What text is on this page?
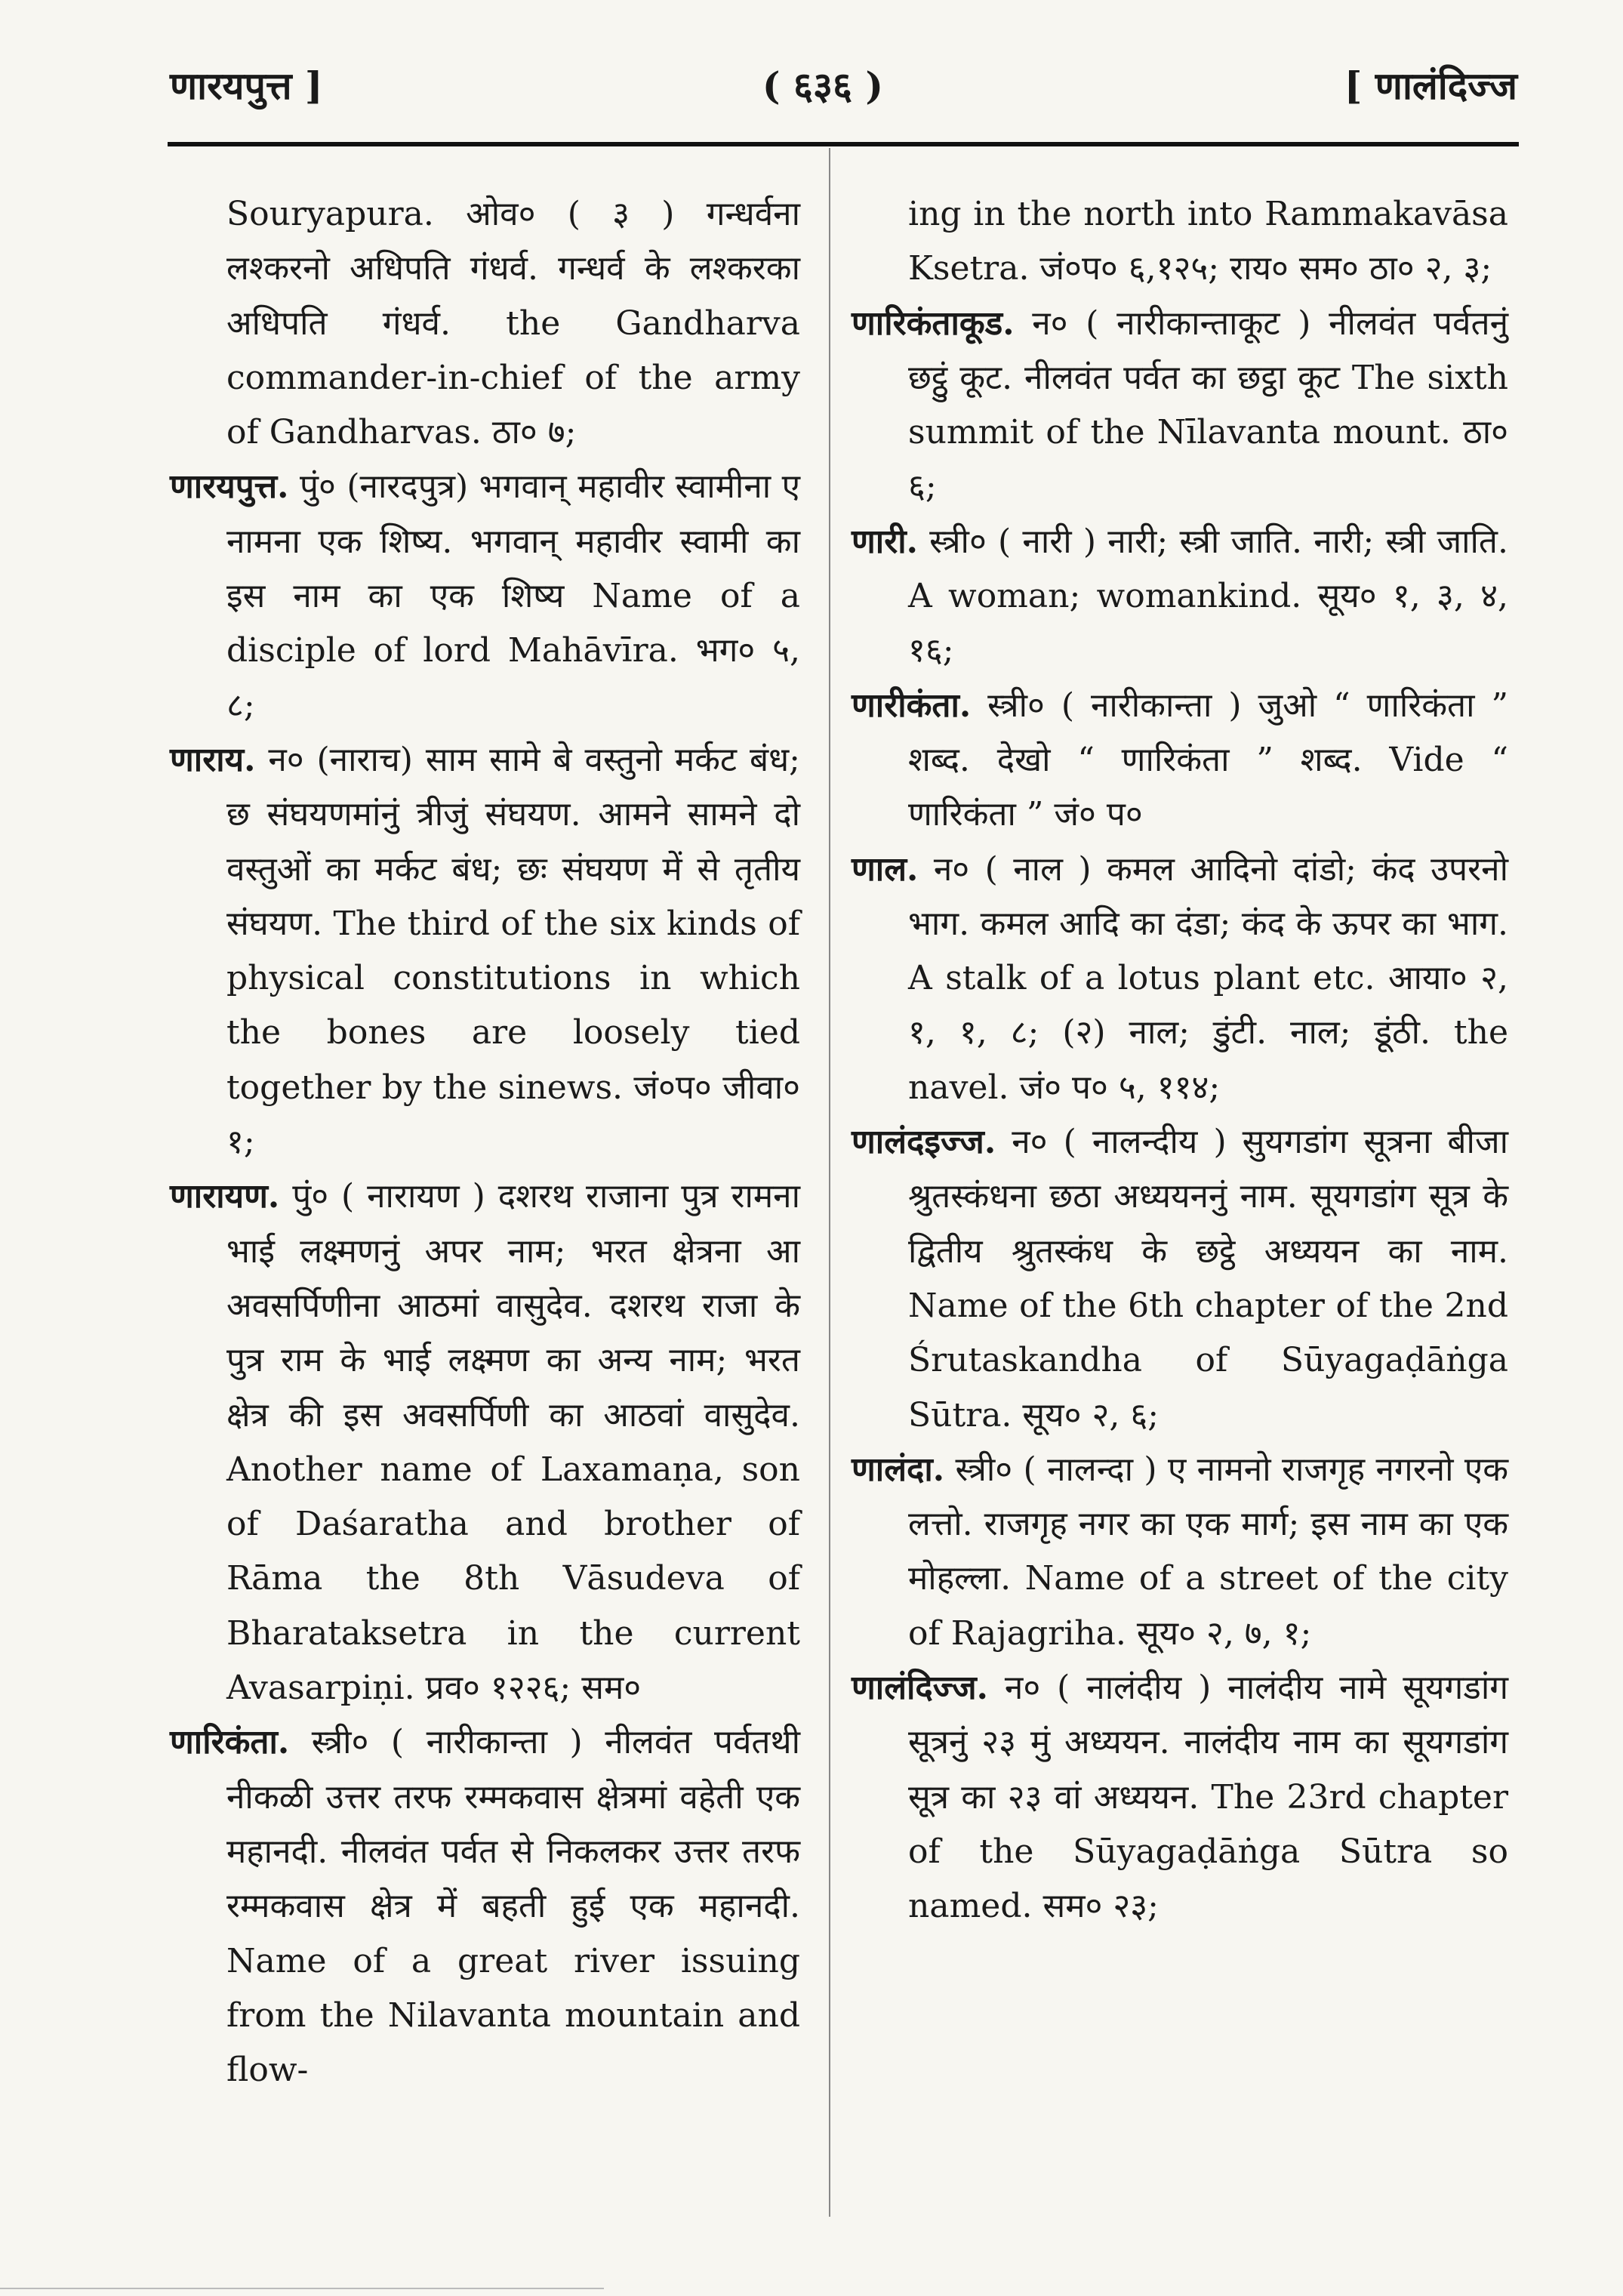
णारयपुत्त ]	( ६३६ )	[ णालंदिज्ज

Souryapura. ओव० ( ३ ) गन्धर्वना लश्करनो अधिपति गंधर्व. गन्धर्व के लश्करका अधिपति गंधर्व. the Gandharva commander-in-chief of the army of Gandharvas. ठा० ७;

णारयपुत्त. पुं० (नारदपुत्र) भगवान् महावीर स्वामीना ए नामना एक शिष्य. भगवान् महावीर स्वामी का इस नाम का एक शिष्य Name of a disciple of lord Mahāvīra. भग० ५, ८;

णाराय. न० (नाराच) साम सामे बे वस्तुनो मर्कट बंध; छ संघयणमांनुं त्रीजुं संघयण. आमने सामने दो वस्तुओं का मर्कट बंध; छः संघयण में से तृतीय संघयण. The third of the six kinds of physical constitutions in which the bones are loosely tied together by the sinews. जं०प० जीवा० १;

णारायण. पुं० ( नारायण ) दशरथ राजाना पुत्र रामना भाई लक्ष्मणनुं अपर नाम; भरत क्षेत्रना आ अवसर्पिणीना आठमां वासुदेव. दशरथ राजा के पुत्र राम के भाई लक्ष्मण का अन्य नाम; भरत क्षेत्र की इस अवसर्पिणी का आठवां वासुदेव. Another name of Laxamaṇa, son of Daśaratha and brother of Rāma the 8th Vāsudeva of Bharataksetra in the current Avasarpiṇi. प्रव० १२२६; सम०

णारिकंता. स्त्री० ( नारीकान्ता ) नीलवंत पर्वतथी नीकळी उत्तर तरफ रम्मकवास क्षेत्रमां वहेती एक महानदी. नीलवंत पर्वत से निकलकर उत्तर तरफ रम्मकवास क्षेत्र में बहती हुई एक महानदी. Name of a great river issuing from the Nilavanta mountain and flow-

ing in the north into Rammakavāsa Ksetra. जं०प० ६,१२५; राय० सम० ठा० २, ३;

णारिकंताकूड. न० ( नारीकान्ताकूट ) नीलवंत पर्वतनुं छट्ठुं कूट. नीलवंत पर्वत का छट्ठा कूट The sixth summit of the Nīlavanta mount. ठा० ६;

णारी. स्त्री० ( नारी ) नारी; स्त्री जाति. नारी; स्त्री जाति. A woman; womankind. सूय० १, ३, ४, १६;

णारीकंता. स्त्री० ( नारीकान्ता ) जुओ “ णारिकंता ” शब्द. देखो “ णारिकंता ” शब्द. Vide “ णारिकंता ” जं० प०

णाल. न० ( नाल ) कमल आदिनो दांडो; कंद उपरनो भाग. कमल आदि का दंडा; कंद के ऊपर का भाग. A stalk of a lotus plant etc. आया० २, १, १, ८; (२) नाल; डुंटी. नाल; डूंठी. the navel. जं० प० ५, ११४;

णालंदइज्ज. न० ( नालन्दीय ) सुयगडांग सूत्रना बीजा श्रुतस्कंधना छठा अध्ययननुं नाम. सूयगडांग सूत्र के द्वितीय श्रुतस्कंध के छट्ठे अध्ययन का नाम. Name of the 6th chapter of the 2nd Śrutaskandha of Sūyagaḍāṅga Sūtra. सूय० २, ६;

णालंदा. स्त्री० ( नालन्दा ) ए नामनो राजगृह नगरनो एक लत्तो. राजगृह नगर का एक मार्ग; इस नाम का एक मोहल्ला. Name of a street of the city of Rajagriha. सूय० २, ७, १;

णालंदिज्ज. न० ( नालंदीय ) नालंदीय नामे सूयगडांग सूत्रनुं २३ मुं अध्ययन. नालंदीय नाम का सूयगडांग सूत्र का २३ वां अध्ययन. The 23rd chapter of the Sūyagaḍāṅga Sūtra so named. सम० २३;
